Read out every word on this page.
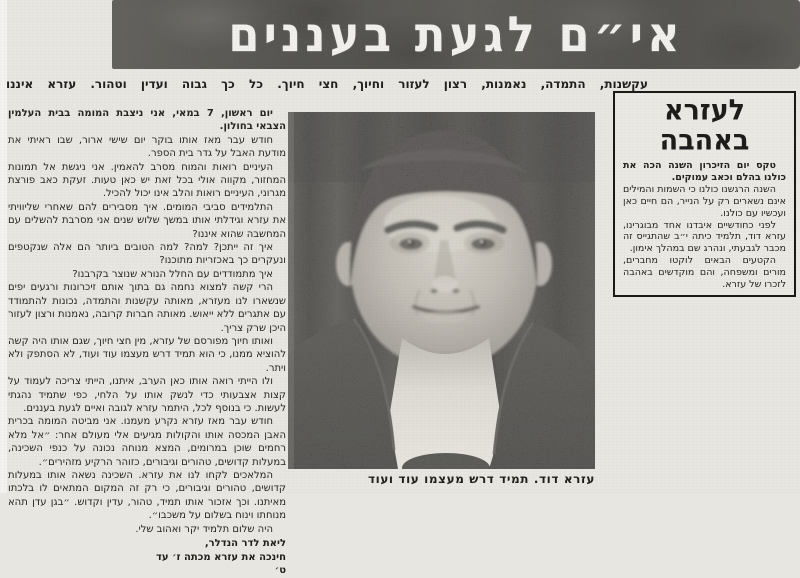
אי״ם לגעת בעננים
עקשנות, התמדה, נאמנות, רצון לעזור וחיוך, חצי חיוך. כל כך גבוה ועדין וטהור. עזרא איננו

יום ראשון, 7 במאי, אני ניצבת המומה בבית העלמין הצבאי בחולון.

חודש עבר מאז אותו בוקר יום שישי ארור, שבו ראיתי את מודעת האבל על גדר בית הספר.

העיניים רואות והמוח מסרב להאמין. אני ניגשת אל תמונות המחזור, מקווה אולי בכל זאת יש כאן טעות. זעקת כאב פורצת מגרוני, העיניים רואות והלב אינו יכול להכיל.

התלמידים סביבי המומים. איך מסבירים להם שאחרי שליוויתי את עזרא וגידלתי אותו במשך שלוש שנים אני מסרבת להשלים עם המחשבה שהוא איננו?

איך זה ייתכן? למה? למה הטובים ביותר הם אלה שנקטפים ונעקרים כך באכזריות מתוכנו?

איך מתמודדים עם החלל הנורא שנוצר בקרבנו?

הרי קשה למצוא נחמה גם בתוך אותם זיכרונות ורגעים יפים שנשארו לנו מעזרא, מאותה עקשנות והתמדה, נכונות להתמודד עם אתגרים ללא ייאוש. מאותה חברות קרובה, נאמנות ורצון לעזור היכן שרק צריך.

ואותו חיוך מפורסם של עזרא, מין חצי חיוך, שגם אותו היה קשה להוציא ממנו, כי הוא תמיד דרש מעצמו עוד ועוד, לא הסתפק ולא ויתר.

ולו הייתי רואה אותו כאן הערב, איתנו, הייתי צריכה לעמוד על קצות אצבעותי כדי לנשק אותו על הלחי, כפי שתמיד נהגתי לעשות. כי בנוסף לכל, היתמר עזרא לגובה ואיים לגעת בעננים.

חודש עבר מאז עזרא נקרע מעמנו. אני מביטה המומה בכרית האבן המכסה אותו והקולות מגיעים אלי מעולם אחר: ״אל מלא רחמים שוכן במרומים, המצא מנוחה נכונה על כנפי השכינה, במעלות קדושים, טהורים וגיבורים, כזוהר הרקיע מזהירים״.

המלאכים לקחו לנו את עזרא. השכינה נשאה אותו במעלות קדושים, טהורים וגיבורים, כי רק זה המקום המתאים לו בלכתו מאיתנו. וכך אזכור אותו תמיד, טהור, עדין וקדוש. ״בגן עדן תהא מנוחתו וינוח בשלום על משכבו״.

היה שלום תלמיד יקר ואהוב שלי.

ליאת לדר הנדלר,
חינכה את עזרא מכתה ז׳ עד ט׳
עזרא דוד. תמיד דרש מעצמו עוד ועוד
לעזרא
באהבה

טקס יום הזיכרון השנה הכה את כולנו בהלם וכאב עמוקים.

השנה הרגשנו כולנו כי השמות והמילים אינם נשארים רק על הנייר, הם חיים כאן ועכשיו עם כולנו.

לפני כחודשיים איבדנו אחד מבוגרינו, עזרא דוד, תלמיד כיתה י״ב שהתגייס זה מכבר לגבעתי, ונהרג שם במהלך אימון.

הקטעים הבאים לוקטו מחברים, מורים ומשפחה, והם מוקדשים באהבה לזכרו של עזרא.
